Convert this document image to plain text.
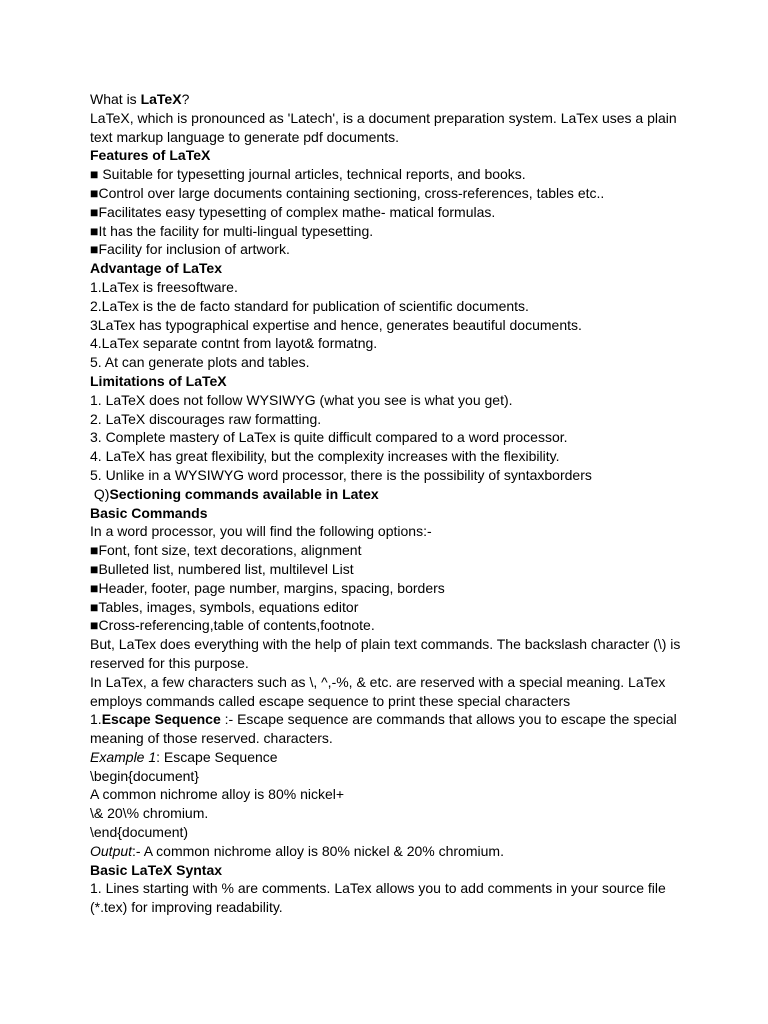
What is LaTeX?
LaTeX, which is pronounced as 'Latech', is a document preparation system. LaTex uses a plain text markup language to generate pdf documents.
Features of LaTeX
■ Suitable for typesetting journal articles, technical reports, and books.
■Control over large documents containing sectioning, cross-references, tables etc..
■Facilitates easy typesetting of complex mathe- matical formulas.
■It has the facility for multi-lingual typesetting.
■Facility for inclusion of artwork.
Advantage of LaTex
1.LaTex is freesoftware.
2.LaTex is the de facto standard for publication of scientific documents.
3LaTex has typographical expertise and hence, generates beautiful documents.
4.LaTex separate contnt from layot& formatng.
5. At can generate plots and tables.
Limitations of LaTeX
1. LaTeX does not follow WYSIWYG (what you see is what you get).
2. LaTeX discourages raw formatting.
3. Complete mastery of LaTex is quite difficult compared to a word processor.
4. LaTeX has great flexibility, but the complexity increases with the flexibility.
5. Unlike in a WYSIWYG word processor, there is the possibility of syntaxborders
Q)Sectioning commands available in Latex
Basic Commands
In a word processor, you will find the following options:-
■Font, font size, text decorations, alignment
■Bulleted list, numbered list, multilevel List
■Header, footer, page number, margins, spacing, borders
■Tables, images, symbols, equations editor
■Cross-referencing,table of contents,footnote.
But, LaTex does everything with the help of plain text commands. The backslash character (\) is reserved for this purpose.
In LaTex, a few characters such as \, ^,-%, & etc. are reserved with a special meaning. LaTex employs commands called escape sequence to print these special characters
1.Escape Sequence :- Escape sequence are commands that allows you to escape the special meaning of those reserved. characters.
Example 1: Escape Sequence
\begin{document}
A common nichrome alloy is 80% nickel+
\& 20\% chromium.
\end{document)
Output:- A common nichrome alloy is 80% nickel & 20% chromium.
Basic LaTeX Syntax
1. Lines starting with % are comments. LaTex allows you to add comments in your source file (*.tex) for improving readability.
